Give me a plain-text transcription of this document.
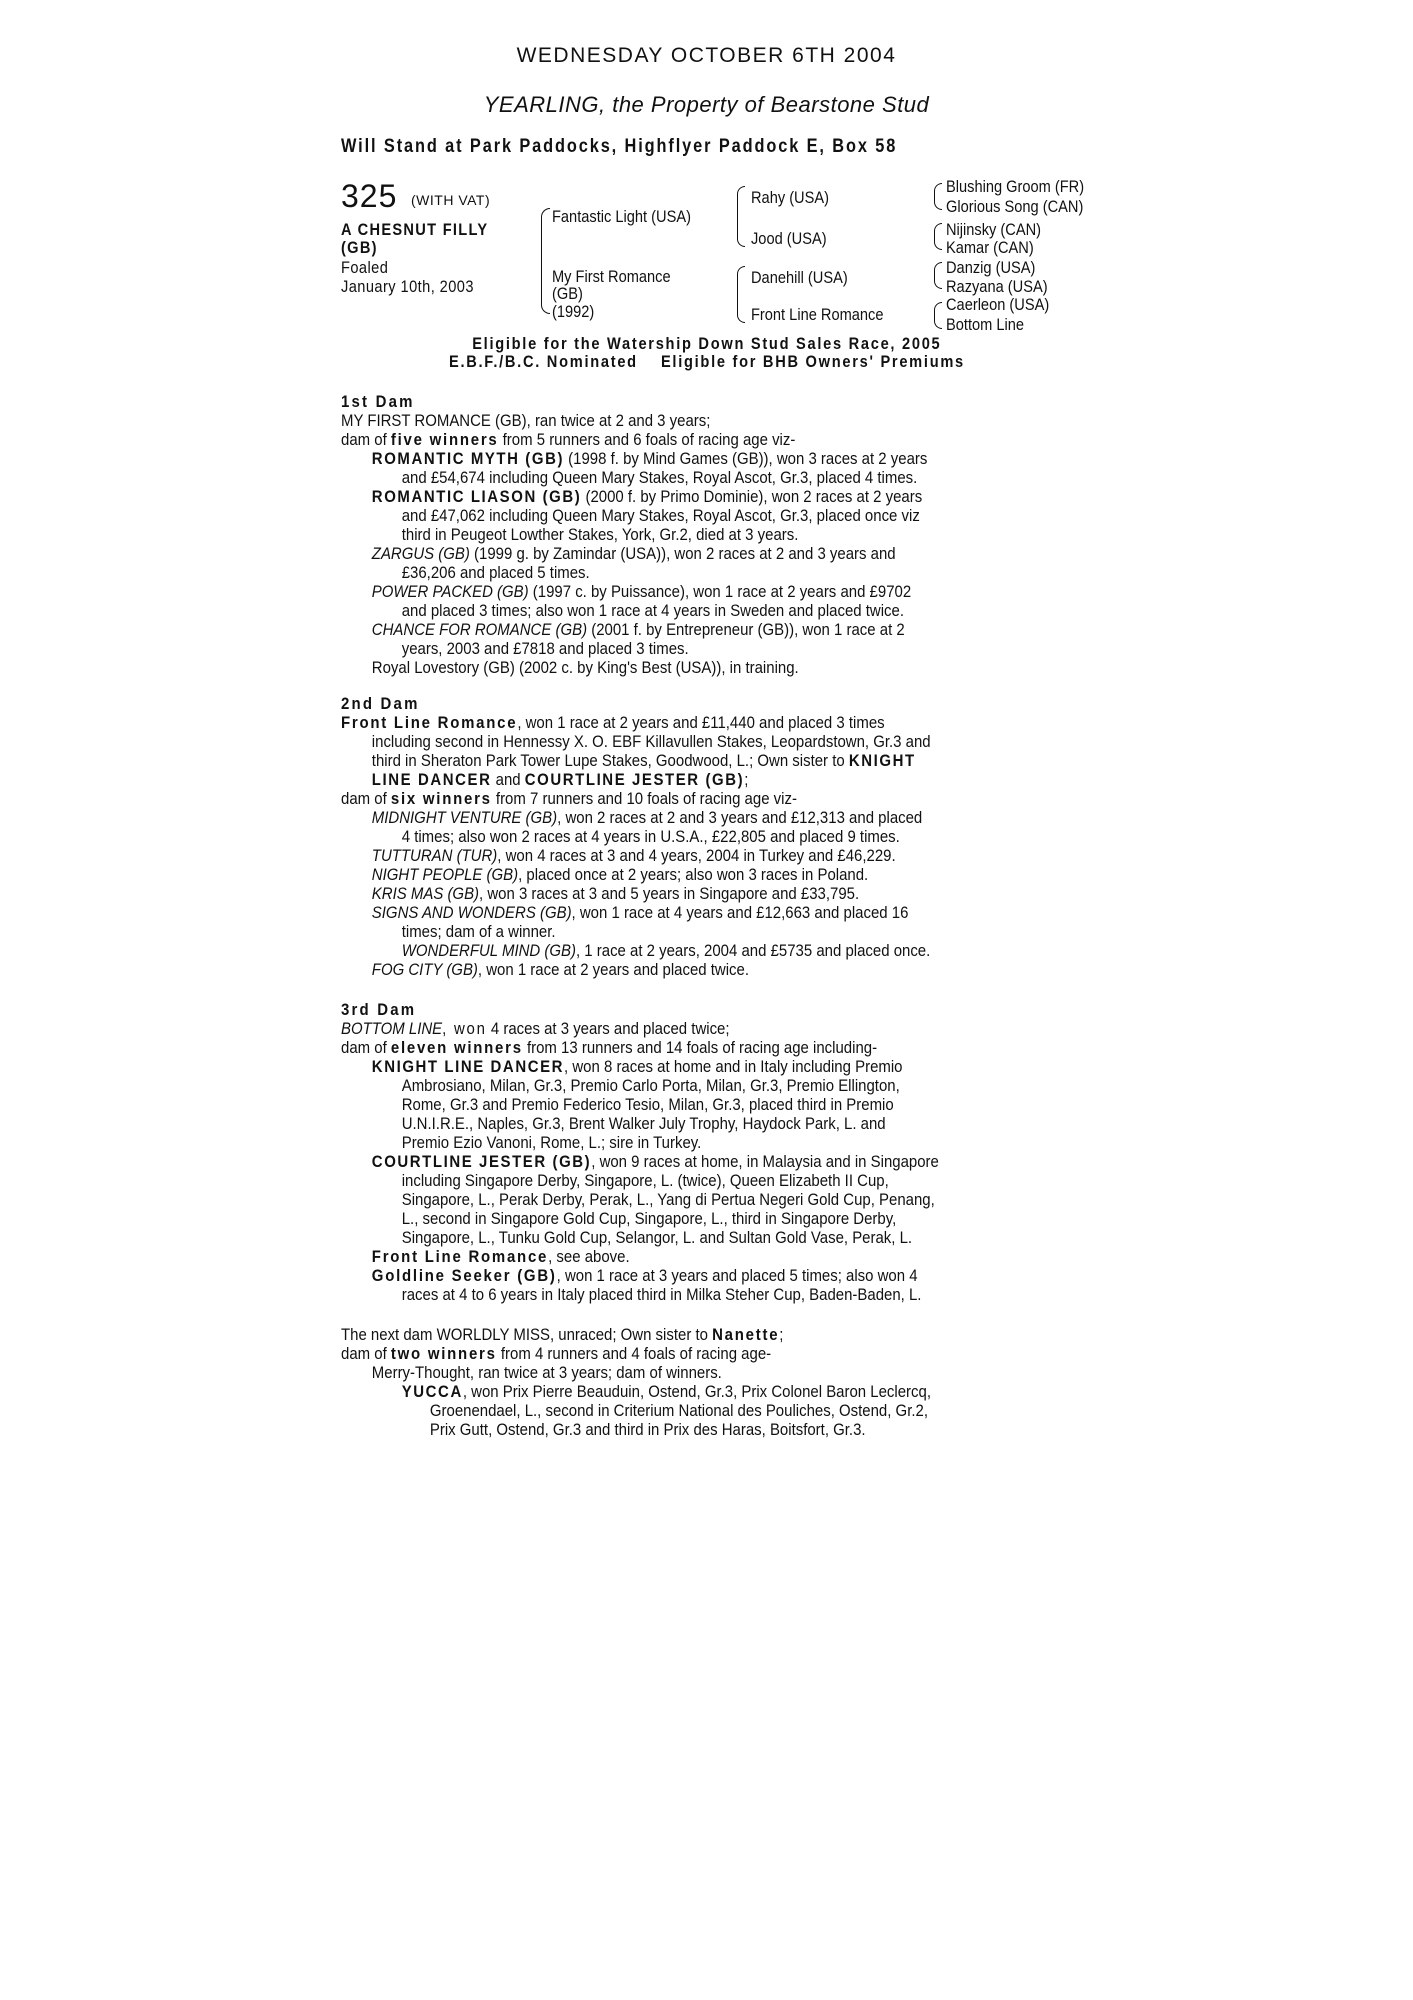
WEDNESDAY OCTOBER 6TH 2004
YEARLING, the Property of Bearstone Stud
Will Stand at Park Paddocks, Highflyer Paddock E, Box 58
325 (WITH VAT)
A CHESNUT FILLY
(GB)
Foaled
January 10th, 2003
Fantastic Light (USA)
My First Romance
(GB)
(1992)
Rahy (USA)
Jood (USA)
Danehill (USA)
Front Line Romance
Blushing Groom (FR)
Glorious Song (CAN)
Nijinsky (CAN)
Kamar (CAN)
Danzig (USA)
Razyana (USA)
Caerleon (USA)
Bottom Line
Eligible for the Watership Down Stud Sales Race, 2005
E.B.F./B.C. Nominated    Eligible for BHB Owners' Premiums

1st Dam

MY FIRST ROMANCE (GB), ran twice at 2 and 3 years;

dam of five winners from 5 runners and 6 foals of racing age viz-

ROMANTIC MYTH (GB) (1998 f. by Mind Games (GB)), won 3 races at 2 years

and £54,674 including Queen Mary Stakes, Royal Ascot, Gr.3, placed 4 times.

ROMANTIC LIASON (GB) (2000 f. by Primo Dominie), won 2 races at 2 years

and £47,062 including Queen Mary Stakes, Royal Ascot, Gr.3, placed once viz

third in Peugeot Lowther Stakes, York, Gr.2, died at 3 years.

ZARGUS (GB) (1999 g. by Zamindar (USA)), won 2 races at 2 and 3 years and

£36,206 and placed 5 times.

POWER PACKED (GB) (1997 c. by Puissance), won 1 race at 2 years and £9702

and placed 3 times; also won 1 race at 4 years in Sweden and placed twice.

CHANCE FOR ROMANCE (GB) (2001 f. by Entrepreneur (GB)), won 1 race at 2

years, 2003 and £7818 and placed 3 times.

Royal Lovestory (GB) (2002 c. by King's Best (USA)), in training.

2nd Dam

Front Line Romance, won 1 race at 2 years and £11,440 and placed 3 times

including second in Hennessy X. O. EBF Killavullen Stakes, Leopardstown, Gr.3 and

third in Sheraton Park Tower Lupe Stakes, Goodwood, L.; Own sister to KNIGHT

LINE DANCER and COURTLINE JESTER (GB);

dam of six winners from 7 runners and 10 foals of racing age viz-

MIDNIGHT VENTURE (GB), won 2 races at 2 and 3 years and £12,313 and placed

4 times; also won 2 races at 4 years in U.S.A., £22,805 and placed 9 times.

TUTTURAN (TUR), won 4 races at 3 and 4 years, 2004 in Turkey and £46,229.

NIGHT PEOPLE (GB), placed once at 2 years; also won 3 races in Poland.

KRIS MAS (GB), won 3 races at 3 and 5 years in Singapore and £33,795.

SIGNS AND WONDERS (GB), won 1 race at 4 years and £12,663 and placed 16

times; dam of a winner.

WONDERFUL MIND (GB), 1 race at 2 years, 2004 and £5735 and placed once.

FOG CITY (GB), won 1 race at 2 years and placed twice.

3rd Dam

BOTTOM LINE, won 4 races at 3 years and placed twice;

dam of eleven winners from 13 runners and 14 foals of racing age including-

KNIGHT LINE DANCER, won 8 races at home and in Italy including Premio

Ambrosiano, Milan, Gr.3, Premio Carlo Porta, Milan, Gr.3, Premio Ellington,

Rome, Gr.3 and Premio Federico Tesio, Milan, Gr.3, placed third in Premio

U.N.I.R.E., Naples, Gr.3, Brent Walker July Trophy, Haydock Park, L. and

Premio Ezio Vanoni, Rome, L.; sire in Turkey.

COURTLINE JESTER (GB), won 9 races at home, in Malaysia and in Singapore

including Singapore Derby, Singapore, L. (twice), Queen Elizabeth II Cup,

Singapore, L., Perak Derby, Perak, L., Yang di Pertua Negeri Gold Cup, Penang,

L., second in Singapore Gold Cup, Singapore, L., third in Singapore Derby,

Singapore, L., Tunku Gold Cup, Selangor, L. and Sultan Gold Vase, Perak, L.

Front Line Romance, see above.

Goldline Seeker (GB), won 1 race at 3 years and placed 5 times; also won 4

races at 4 to 6 years in Italy placed third in Milka Steher Cup, Baden-Baden, L.

The next dam WORLDLY MISS, unraced; Own sister to Nanette;

dam of two winners from 4 runners and 4 foals of racing age-

Merry-Thought, ran twice at 3 years; dam of winners.

YUCCA, won Prix Pierre Beauduin, Ostend, Gr.3, Prix Colonel Baron Leclercq,

Groenendael, L., second in Criterium National des Pouliches, Ostend, Gr.2,

Prix Gutt, Ostend, Gr.3 and third in Prix des Haras, Boitsfort, Gr.3.
